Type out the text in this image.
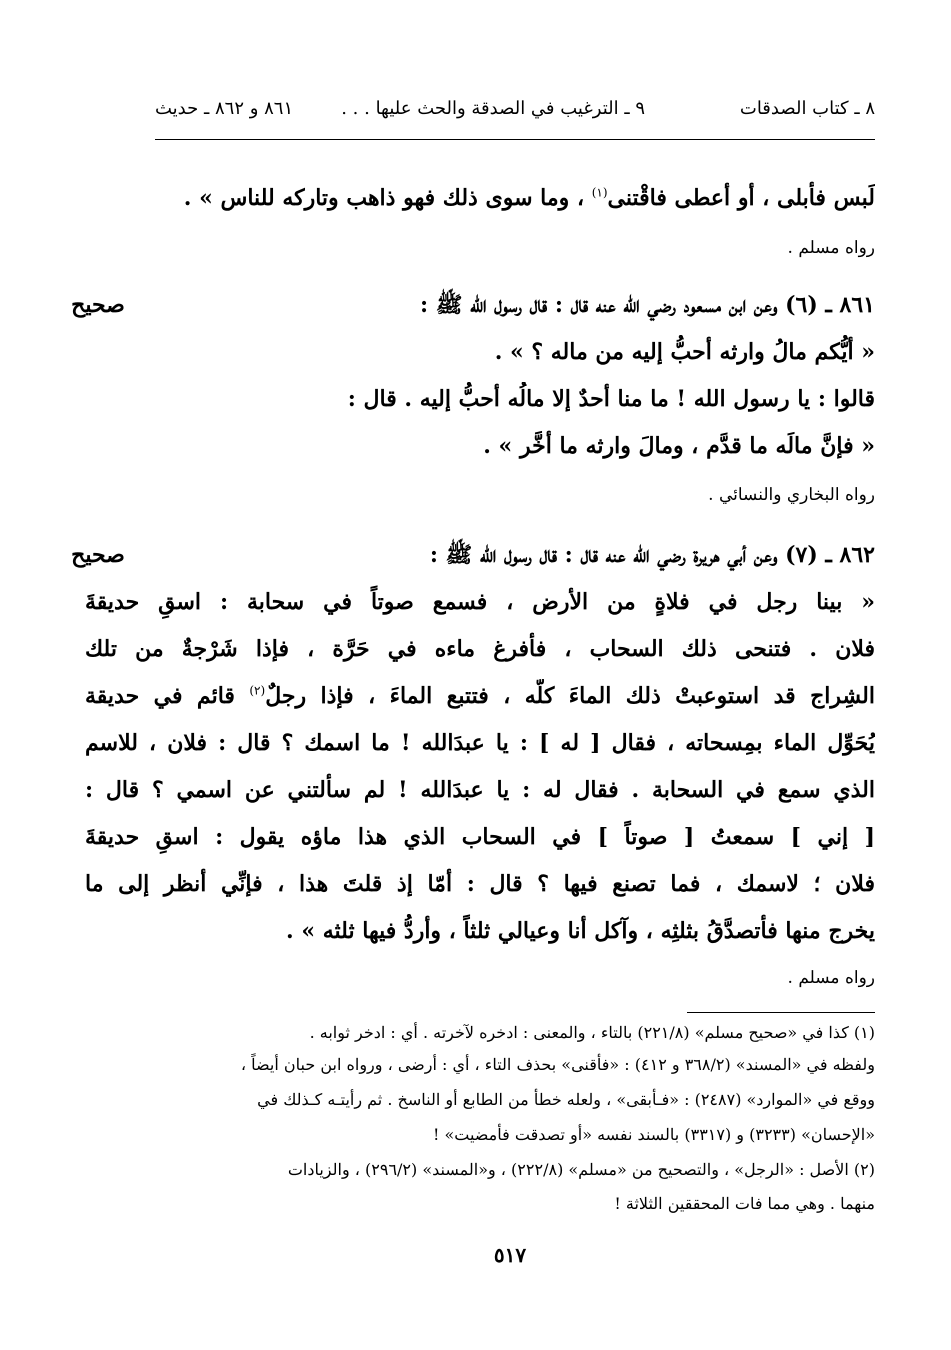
٨ ـ كتاب الصدقات
٩ ـ الترغيب في الصدقة والحث عليها . . .
٨٦١ و ٨٦٢ ـ حديث
لَبس فأبلى ، أو أعطى فاقْتنى$^{(١)}$ ، وما سوى ذلك فهو ذاهب وتاركه للناس » .
رواه مسلم .
صحيح	٨٦١ ـ (٦) وعن ابن مسعود رضي الله عنه قال : قال رسول الله ﷺ :
« أيُّكم مالُ وارثه أحبُّ إليه من ماله ؟ » .
قالوا : يا رسول الله ! ما منا أحدٌ إلا مالُه أحبُّ إليه . قال :
« فإنَّ مالَه ما قدَّم ، ومالَ وارثه ما أخَّر » .
رواه البخاري والنسائي .
صحيح	٨٦٢ ـ (٧) وعن أبي هريرة رضي الله عنه قال : قال رسول الله ﷺ :
« بينا رجل في فلاةٍ من الأرض ، فسمع صوتاً في سحابة : اسقِ حديقةَ
فلان . فتنحى ذلك السحاب ، فأفرغ ماءه في حَرَّة ، فإذا شَرْجةٌ من تلك
الشِراج قد استوعبتْ ذلك الماءَ كلَّه ، فتتبع الماءَ ، فإذا رجلٌ$^{(٢)}$ قائم في حديقة
يُحَوِّل الماء بمِسحاته ، فقال [ له ] : يا عبدَالله ! ما اسمك ؟ قال : فلان ، للاسم
الذي سمع في السحابة . فقال له : يا عبدَالله ! لم سألتني عن اسمي ؟ قال :
[ إني ] سمعتُ [ صوتاً ] في السحاب الذي هذا ماؤه يقول : اسقِ حديقةَ
فلان ؛ لاسمك ، فما تصنع فيها ؟ قال : أمّا إذ قلتَ هذا ، فإنِّي أنظر إلى ما
يخرج منها فأتصدَّقُ بثلثِه ، وآكل أنا وعيالي ثلثاً ، وأردُّ فيها ثلثه » .
رواه مسلم .
(١) كذا في «صحيح مسلم» (٢٢١/٨) بالتاء ، والمعنى : ادخره لآخرته . أي : ادخر ثوابه .
ولفظه في «المسند» (٣٦٨/٢ و ٤١٢) : «فأقنى» بحذف التاء ، أي : أرضى ، ورواه ابن حبان أيضاً ،
ووقع في «الموارد» (٢٤٨٧) : «فـأبقى» ، ولعله خطأ من الطابع أو الناسخ . ثم رأيتـه كـذلك في
«الإحسان» (٣٢٣٣) و (٣٣١٧) بالسند نفسه «أو تصدقت فأمضيت» !
(٢) الأصل : «الرجل» ، والتصحيح من «مسلم» (٢٢٢/٨) ، و«المسند» (٢٩٦/٢) ، والزيادات
منهما . وهي مما فات المحققين الثلاثة !
٥١٧
